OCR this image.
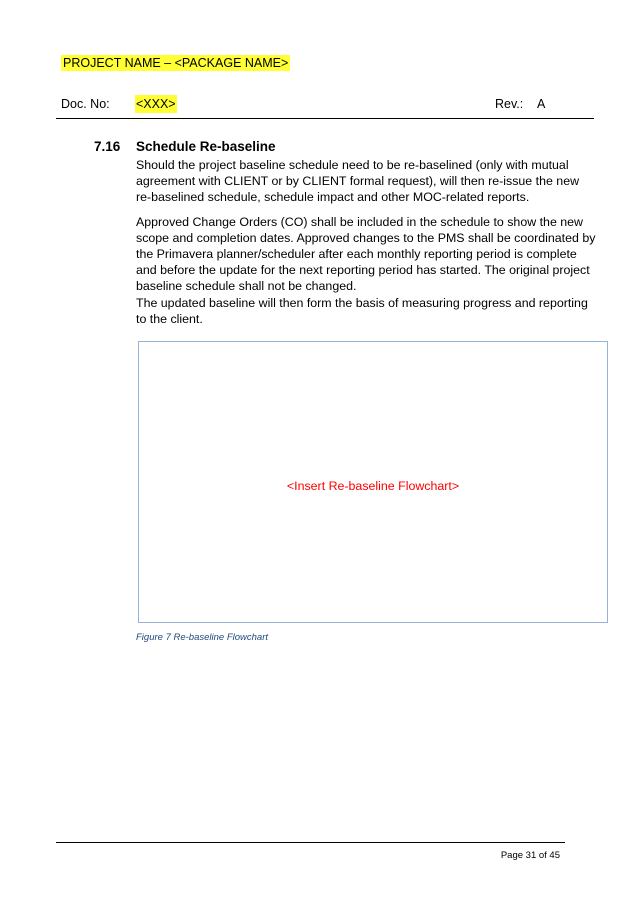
PROJECT NAME – <PACKAGE NAME>
Doc. No: <XXX>	Rev.: A
7.16 Schedule Re-baseline

Should the project baseline schedule need to be re-baselined (only with mutual agreement with CLIENT or by CLIENT formal request), will then re-issue the new re-baselined schedule, schedule impact and other MOC-related reports.

Approved Change Orders (CO) shall be included in the schedule to show the new scope and completion dates. Approved changes to the PMS shall be coordinated by the Primavera planner/scheduler after each monthly reporting period is complete and before the update for the next reporting period has started. The original project baseline schedule shall not be changed.

The updated baseline will then form the basis of measuring progress and reporting to the client.

<Insert Re-baseline Flowchart>
Figure 7 Re-baseline Flowchart
Page 31 of 45
